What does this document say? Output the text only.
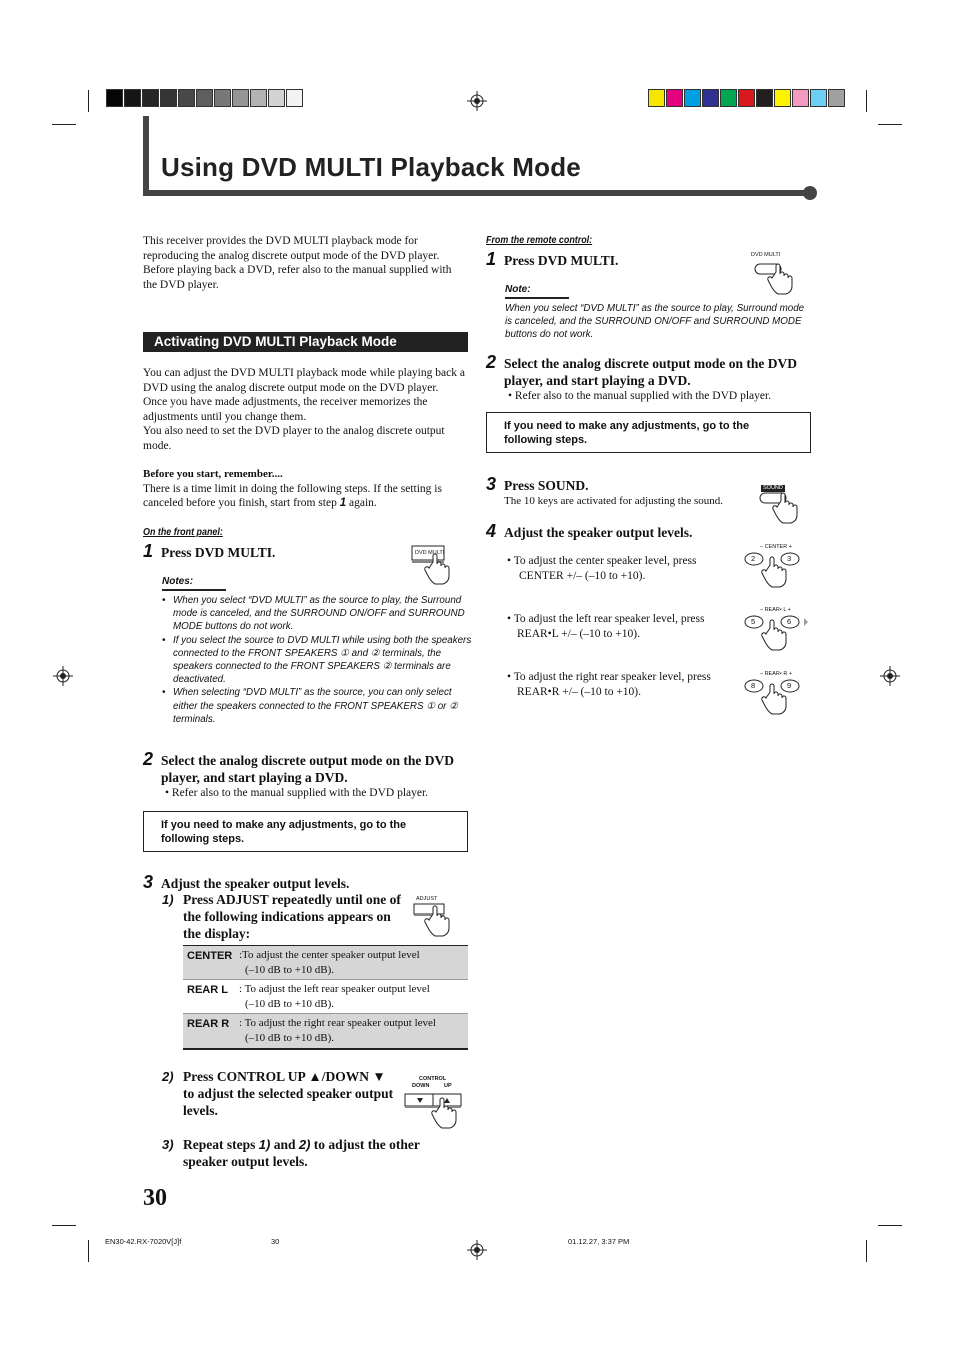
Using DVD MULTI Playback Mode
This receiver provides the DVD MULTI playback mode for reproducing the analog discrete output mode of the DVD player. Before playing back a DVD, refer also to the manual supplied with the DVD player.
Activating DVD MULTI Playback Mode
You can adjust the DVD MULTI playback mode while playing back a DVD using the analog discrete output mode on the DVD player. Once you have made adjustments, the receiver memorizes the adjustments until you change them.
You also need to set the DVD player to the analog discrete output mode.
Before you start, remember....
There is a time limit in doing the following steps. If the setting is canceled before you finish, start from step 1 again.
On the front panel:
1 Press DVD MULTI.	DVD MULTI
Notes:
• When you select “DVD MULTI” as the source to play, the Surround mode is canceled, and the SURROUND ON/OFF and SURROUND MODE buttons do not work.
• If you select the source to DVD MULTI while using both the speakers connected to the FRONT SPEAKERS ① and ② terminals, the speakers connected to the FRONT SPEAKERS ② terminals are deactivated.
• When selecting “DVD MULTI” as the source, you can only select either the speakers connected to the FRONT SPEAKERS ① or ② terminals.
2 Select the analog discrete output mode on the DVD player, and start playing a DVD.
• Refer also to the manual supplied with the DVD player.
If you need to make any adjustments, go to the following steps.
3 Adjust the speaker output levels.
1) Press ADJUST repeatedly until one of the following indications appears on the display:
ADJUST
CENTER :To adjust the center speaker output level
(–10 dB to +10 dB).
REAR L : To adjust the left rear speaker output level
(–10 dB to +10 dB).
REAR R : To adjust the right rear speaker output level
(–10 dB to +10 dB).
2) Press CONTROL UP ▲/DOWN ▼ to adjust the selected speaker output levels.
CONTROL
DOWN	UP
3) Repeat steps 1) and 2) to adjust the other speaker output levels.
30
From the remote control:
1 Press DVD MULTI.	DVD MULTI
Note:
When you select “DVD MULTI” as the source to play, Surround mode is canceled, and the SURROUND ON/OFF and SURROUND MODE buttons do not work.
2 Select the analog discrete output mode on the DVD player, and start playing a DVD.
• Refer also to the manual supplied with the DVD player.
If you need to make any adjustments, go to the following steps.
3 Press SOUND.
The 10 keys are activated for adjusting the sound.
SOUND
4 Adjust the speaker output levels.
• To adjust the center speaker level, press
CENTER +/– (–10 to +10).
• To adjust the left rear speaker level, press
REAR•L +/– (–10 to +10).
• To adjust the right rear speaker level, press
REAR•R +/– (–10 to +10).
– CENTER +
2	3
– REAR• L +
5	6
– REAR• R +
8	9
EN30-42.RX-7020V[J]f	30	01.12.27, 3:37 PM
